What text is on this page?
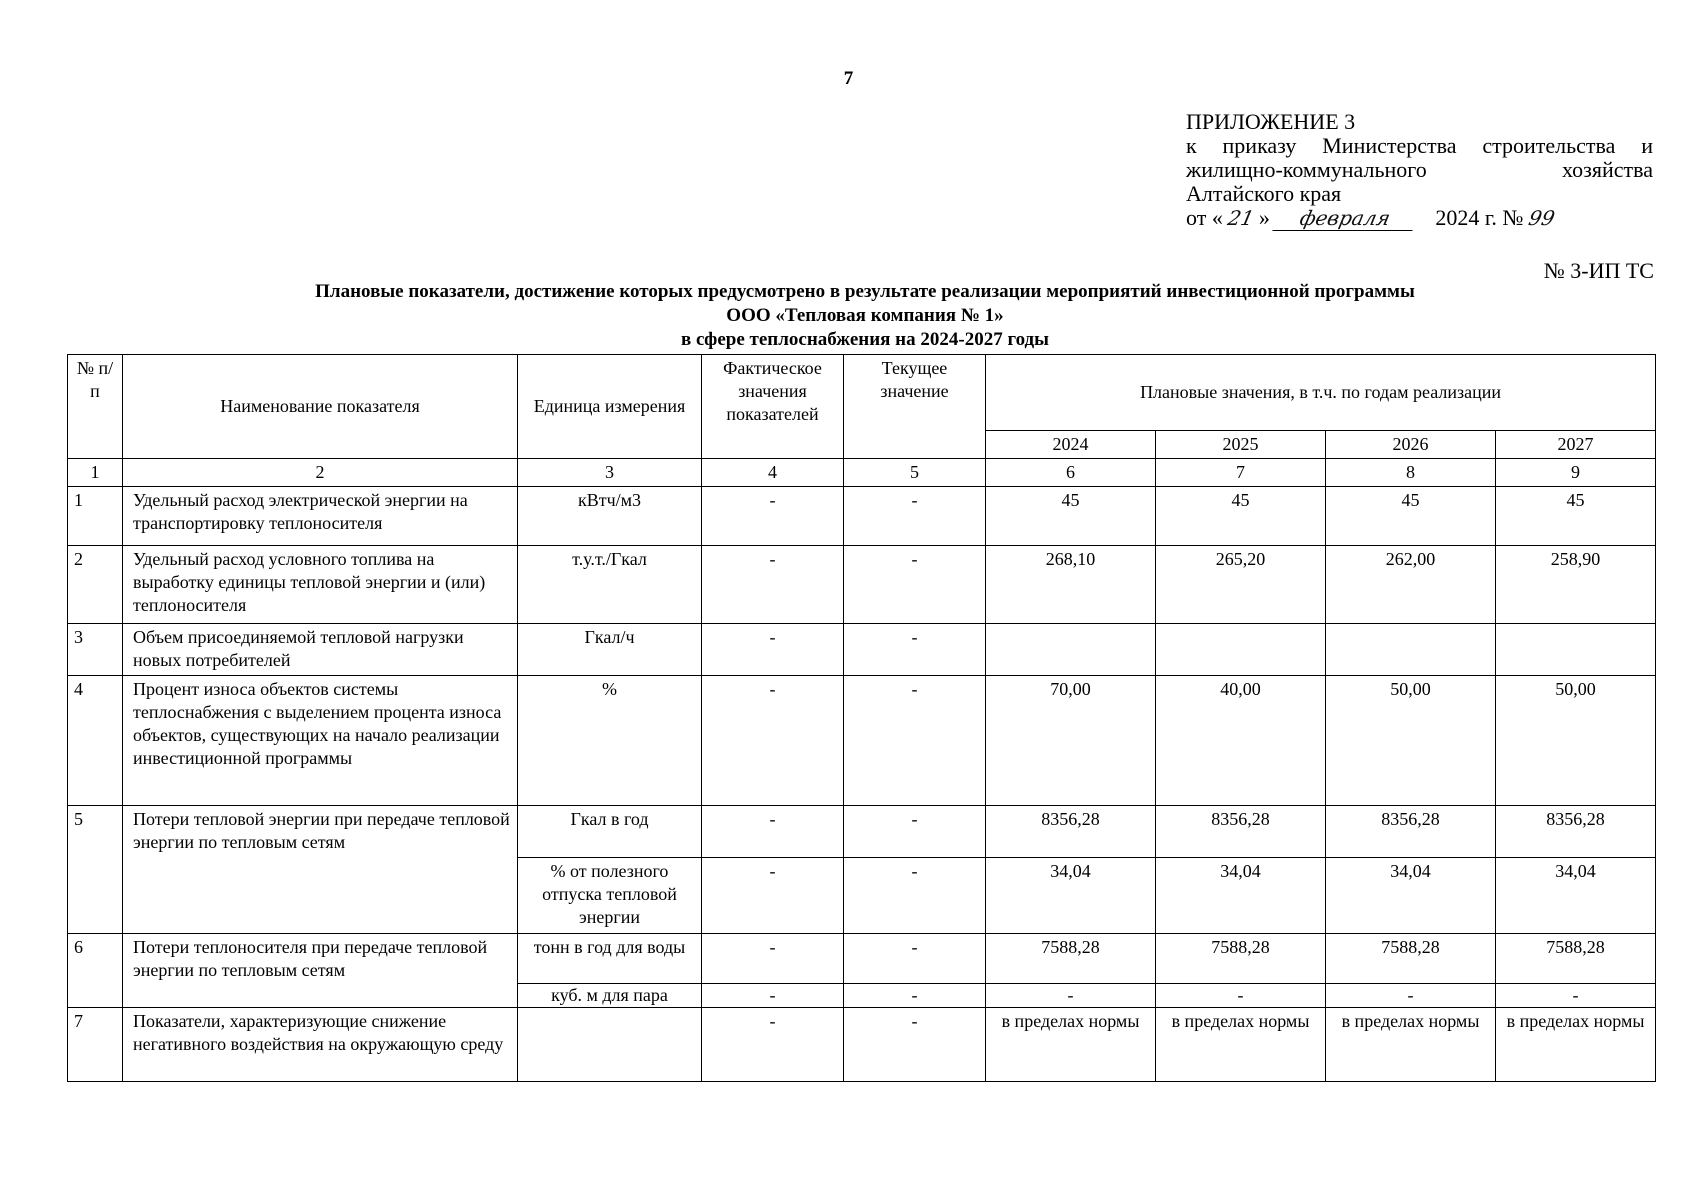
7
ПРИЛОЖЕНИЕ 3
к приказу Министерства строительства и
жилищно-коммунального хозяйства
Алтайского края
от « 21 » февраля 2024 г. № 99
№ 3-ИП ТС
Плановые показатели, достижение которых предусмотрено в результате реализации мероприятий инвестиционной программы
ООО «Тепловая компания № 1»
в сфере теплоснабжения на 2024-2027 годы
№ п/п	Наименование показателя	Единица измерения	Фактическое значения показателей	Текущее значение	Плановые значения, в т.ч. по годам реализации			
					2024	2025	2026	2027
1	2	3	4	5	6	7	8	9
1	Удельный расход электрической энергии на транспортировку теплоносителя	кВтч/м3	-	-	45	45	45	45
2	Удельный расход условного топлива на выработку единицы тепловой энергии и (или) теплоносителя	т.у.т./Гкал	-	-	268,10	265,20	262,00	258,90
3	Объем присоединяемой тепловой нагрузки новых потребителей	Гкал/ч	-	-				
4	Процент износа объектов системы теплоснабжения с выделением процента износа объектов, существующих на начало реализации инвестиционной программы	%	-	-	70,00	40,00	50,00	50,00
5	Потери тепловой энергии при передаче тепловой энергии по тепловым сетям	Гкал в год	-	-	8356,28	8356,28	8356,28	8356,28
		% от полезного отпуска тепловой энергии	-	-	34,04	34,04	34,04	34,04
6	Потери теплоносителя при передаче тепловой энергии по тепловым сетям	тонн в год для воды	-	-	7588,28	7588,28	7588,28	7588,28
		куб. м для пара	-	-	-	-	-	-
7	Показатели, характеризующие снижение негативного воздействия на окружающую среду		-	-	в пределах нормы	в пределах нормы	в пределах нормы	в пределах нормы
